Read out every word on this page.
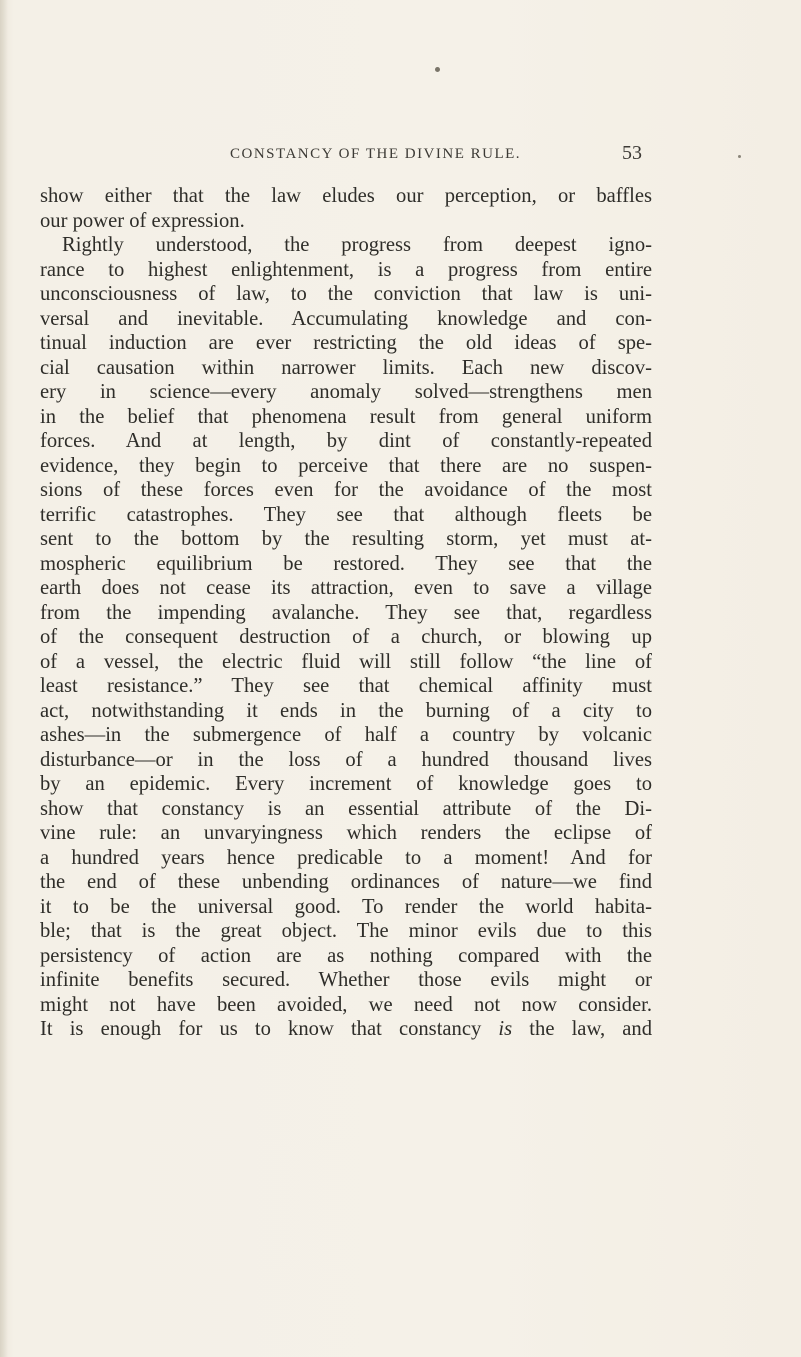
CONSTANCY OF THE DIVINE RULE.	53
show either that the law eludes our perception, or baffles
our power of expression.
Rightly understood, the progress from deepest igno-
rance to highest enlightenment, is a progress from entire
unconsciousness of law, to the conviction that law is uni-
versal and inevitable. Accumulating knowledge and con-
tinual induction are ever restricting the old ideas of spe-
cial causation within narrower limits. Each new discov-
ery in science—every anomaly solved—strengthens men
in the belief that phenomena result from general uniform
forces. And at length, by dint of constantly-repeated
evidence, they begin to perceive that there are no suspen-
sions of these forces even for the avoidance of the most
terrific catastrophes. They see that although fleets be
sent to the bottom by the resulting storm, yet must at-
mospheric equilibrium be restored. They see that the
earth does not cease its attraction, even to save a village
from the impending avalanche. They see that, regardless
of the consequent destruction of a church, or blowing up
of a vessel, the electric fluid will still follow “the line of
least resistance.” They see that chemical affinity must
act, notwithstanding it ends in the burning of a city to
ashes—in the submergence of half a country by volcanic
disturbance—or in the loss of a hundred thousand lives
by an epidemic. Every increment of knowledge goes to
show that constancy is an essential attribute of the Di-
vine rule: an unvaryingness which renders the eclipse of
a hundred years hence predicable to a moment! And for
the end of these unbending ordinances of nature—we find
it to be the universal good. To render the world habita-
ble; that is the great object. The minor evils due to this
persistency of action are as nothing compared with the
infinite benefits secured. Whether those evils might or
might not have been avoided, we need not now consider.
It is enough for us to know that constancy is the law, and
